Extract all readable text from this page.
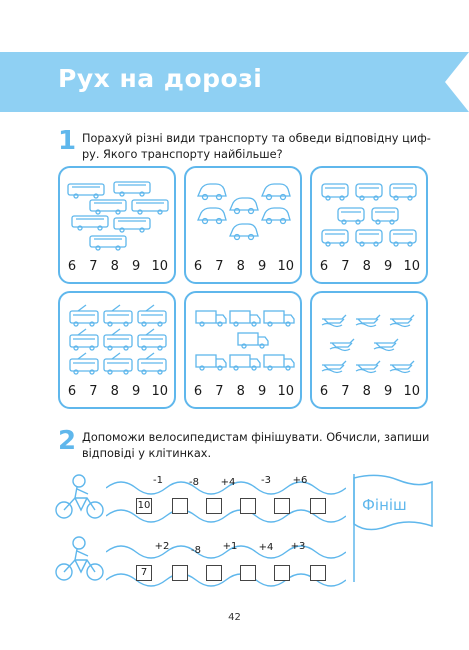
Рух на дорозі
1 Порахуй різні види транспорту та обведи відповідну циф-
ру. Якого транспорту найбільше?
6 7 8 9 10 6 7 8 9 10 6 7 8 9 10
6 7 8 9 10 6 7 8 9 10 6 7 8 9 10
2 Допоможи велосипедистам фінішувати. Обчисли, запиши
відповіді у клітинках.
-1	-8	+4	-3	+6
10
+2	-8	+1	+4	+3
7
Фініш
42
